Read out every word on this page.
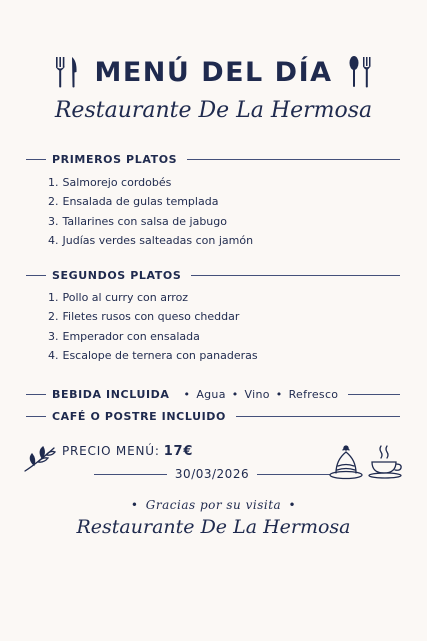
MENÚ DEL DÍA
Restaurante De La Hermosa
PRIMEROS PLATOS
1. Salmorejo cordobés
2. Ensalada de gulas templada
3. Tallarines con salsa de jabugo
4. Judías verdes salteadas con jamón
SEGUNDOS PLATOS
1. Pollo al curry con arroz
2. Filetes rusos con queso cheddar
3. Emperador con ensalada
4. Escalope de ternera con panaderas
BEBIDA INCLUIDA • Agua • Vino • Refresco
CAFÉ O POSTRE INCLUIDO
PRECIO MENÚ: 17€
30/03/2026
• Gracias por su visita •
Restaurante De La Hermosa
